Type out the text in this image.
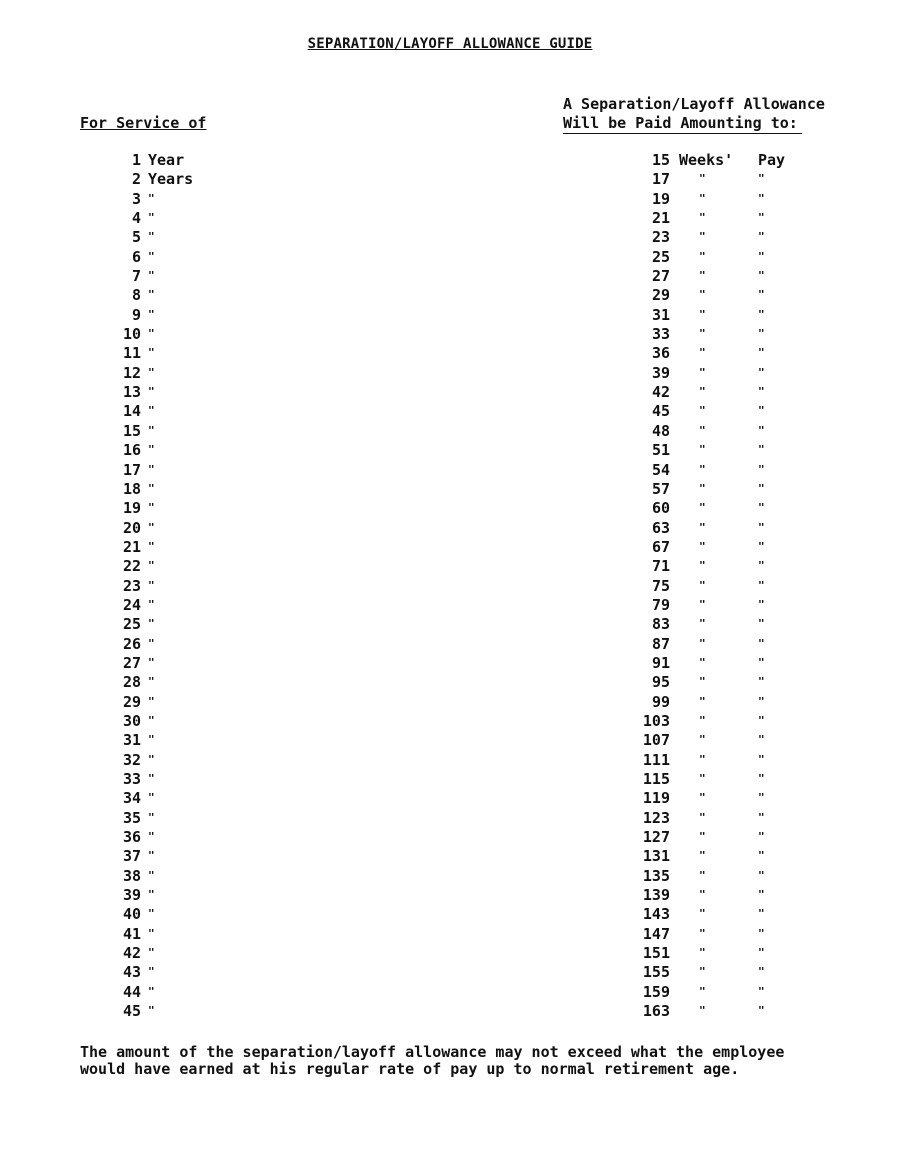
SEPARATION/LAYOFF ALLOWANCE GUIDE
For Service of
A Separation/Layoff Allowance
Will be Paid Amounting to:
1 Year	15 Weeks' Pay
2 Years	17	"	"
3 "	19	"	"
4 "	21	"	"
5 "	23	"	"
6 "	25	"	"
7 "	27	"	"
8 "	29	"	"
9 "	31	"	"
10 "	33	"	"
11 "	36	"	"
12 "	39	"	"
13 "	42	"	"
14 "	45	"	"
15 "	48	"	"
16 "	51	"	"
17 "	54	"	"
18 "	57	"	"
19 "	60	"	"
20 "	63	"	"
21 "	67	"	"
22 "	71	"	"
23 "	75	"	"
24 "	79	"	"
25 "	83	"	"
26 "	87	"	"
27 "	91	"	"
28 "	95	"	"
29 "	99	"	"
30 "	103	"	"
31 "	107	"	"
32 "	111	"	"
33 "	115	"	"
34 "	119	"	"
35 "	123	"	"
36 "	127	"	"
37 "	131	"	"
38 "	135	"	"
39 "	139	"	"
40 "	143	"	"
41 "	147	"	"
42 "	151	"	"
43 "	155	"	"
44 "	159	"	"
45 "	163	"	"
The amount of the separation/layoff allowance may not exceed what the employee
would have earned at his regular rate of pay up to normal retirement age.
